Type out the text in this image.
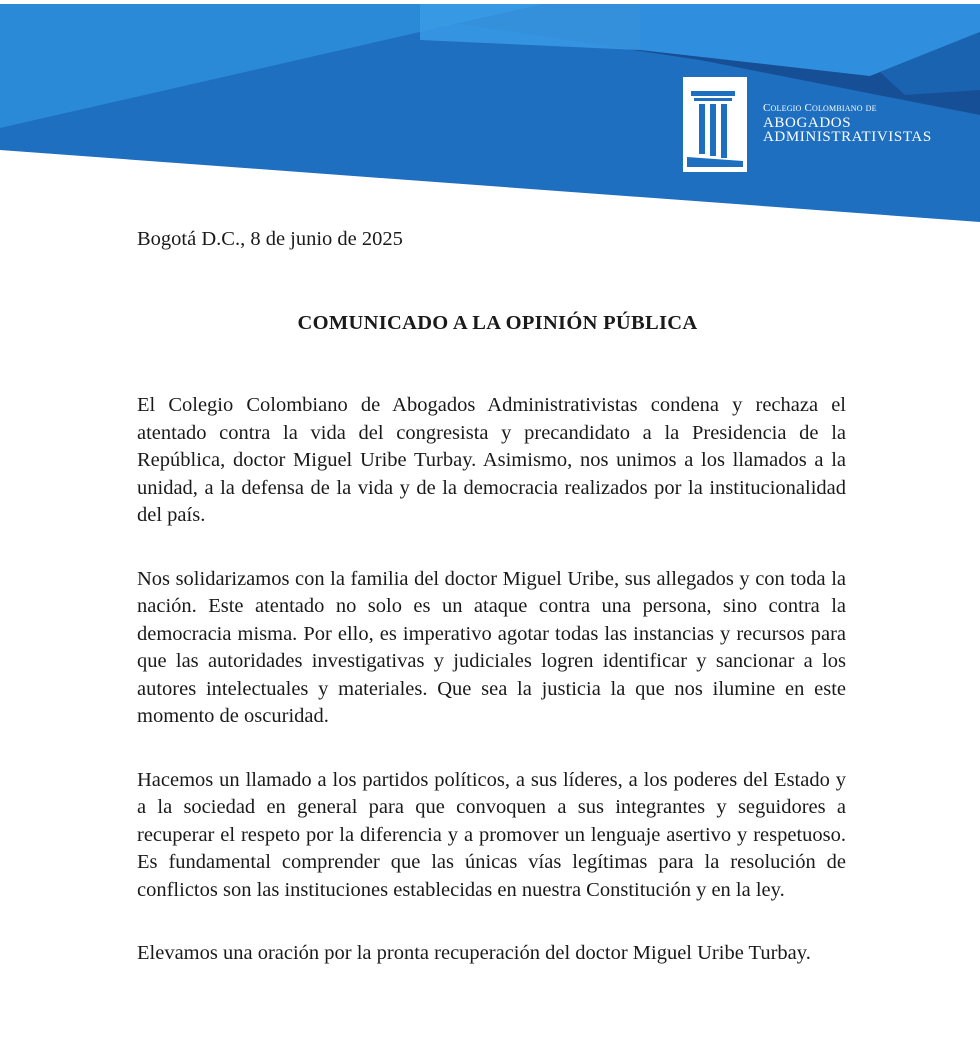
Colegio Colombiano de
ABOGADOS
ADMINISTRATIVISTAS

Bogotá D.C., 8 de junio de 2025

COMUNICADO A LA OPINIÓN PÚBLICA

El Colegio Colombiano de Abogados Administrativistas condena y rechaza el atentado contra la vida del congresista y precandidato a la Presidencia de la República, doctor Miguel Uribe Turbay. Asimismo, nos unimos a los llamados a la unidad, a la defensa de la vida y de la democracia realizados por la institucionalidad del país.

Nos solidarizamos con la familia del doctor Miguel Uribe, sus allegados y con toda la nación. Este atentado no solo es un ataque contra una persona, sino contra la democracia misma. Por ello, es imperativo agotar todas las instancias y recursos para que las autoridades investigativas y judiciales logren identificar y sancionar a los autores intelectuales y materiales. Que sea la justicia la que nos ilumine en este momento de oscuridad.

Hacemos un llamado a los partidos políticos, a sus líderes, a los poderes del Estado y a la sociedad en general para que convoquen a sus integrantes y seguidores a recuperar el respeto por la diferencia y a promover un lenguaje asertivo y respetuoso. Es fundamental comprender que las únicas vías legítimas para la resolución de conflictos son las instituciones establecidas en nuestra Constitución y en la ley.

Elevamos una oración por la pronta recuperación del doctor Miguel Uribe Turbay.
